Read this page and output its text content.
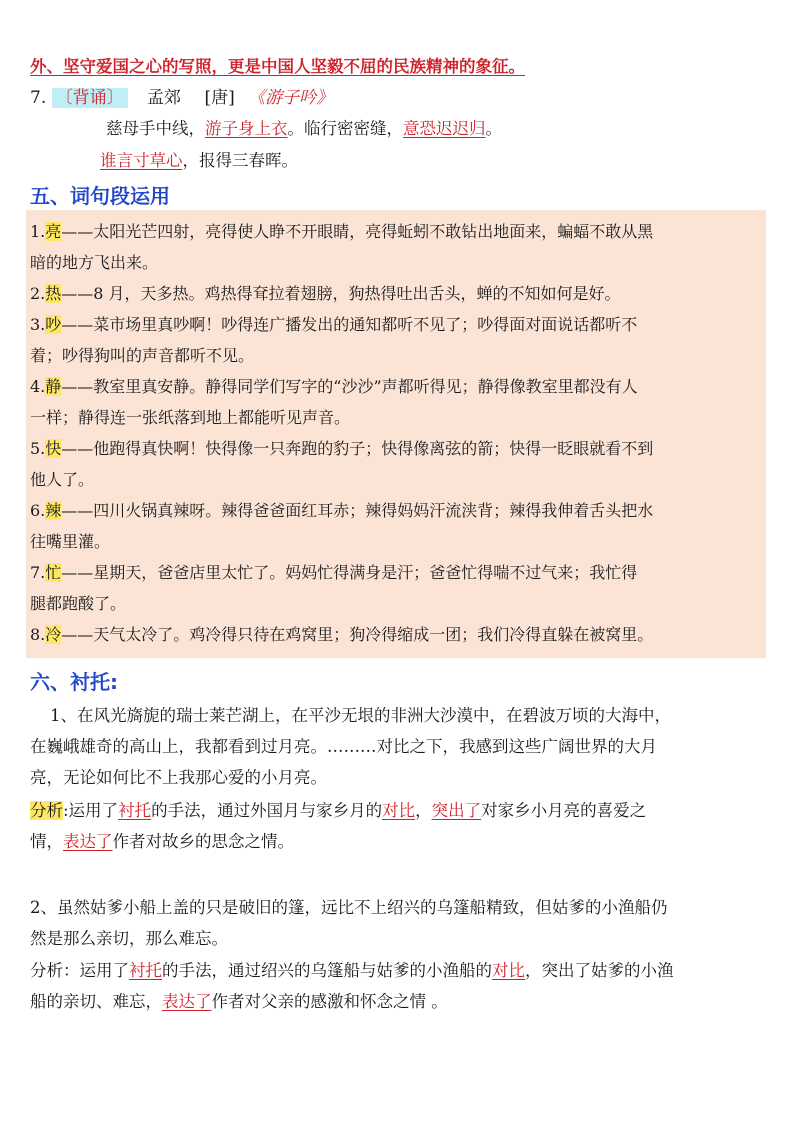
外、坚守爱国之心的写照，更是中国人坚毅不屈的民族精神的象征。
7. 〔背诵〕 孟郊 [唐] 《游子吟》
慈母手中线，游子身上衣。临行密密缝，意恐迟迟归。
谁言寸草心，报得三春晖。
五、词句段运用
1.亮——太阳光芒四射，亮得使人睁不开眼睛，亮得蚯蚓不敢钻出地面来，蝙蝠不敢从黑
暗的地方飞出来。
2.热——8 月，天多热。鸡热得耷拉着翅膀，狗热得吐出舌头，蝉的不知如何是好。
3.吵——菜市场里真吵啊！吵得连广播发出的通知都听不见了；吵得面对面说话都听不
着；吵得狗叫的声音都听不见。
4.静——教室里真安静。静得同学们写字的“沙沙”声都听得见；静得像教室里都没有人
一样；静得连一张纸落到地上都能听见声音。
5.快——他跑得真快啊！快得像一只奔跑的豹子；快得像离弦的箭；快得一眨眼就看不到
他人了。
6.辣——四川火锅真辣呀。辣得爸爸面红耳赤；辣得妈妈汗流浃背；辣得我伸着舌头把水
往嘴里灌。
7.忙——星期天，爸爸店里太忙了。妈妈忙得满身是汗；爸爸忙得喘不过气来；我忙得
腿都跑酸了。
8.冷——天气太冷了。鸡冷得只待在鸡窝里；狗冷得缩成一团；我们冷得直躲在被窝里。
六、衬托:
1、在风光旖旎的瑞士莱芒湖上，在平沙无垠的非洲大沙漠中，在碧波万顷的大海中，
在巍峨雄奇的高山上，我都看到过月亮。………对比之下，我感到这些广阔世界的大月
亮，无论如何比不上我那心爱的小月亮。
分析:运用了衬托的手法，通过外国月与家乡月的对比，突出了对家乡小月亮的喜爱之
情，表达了作者对故乡的思念之情。
2、虽然姑爹小船上盖的只是破旧的篷，远比不上绍兴的乌篷船精致，但姑爹的小渔船仍
然是那么亲切，那么难忘。
分析：运用了衬托的手法，通过绍兴的乌篷船与姑爹的小渔船的对比，突出了姑爹的小渔
船的亲切、难忘，表达了作者对父亲的感激和怀念之情 。
